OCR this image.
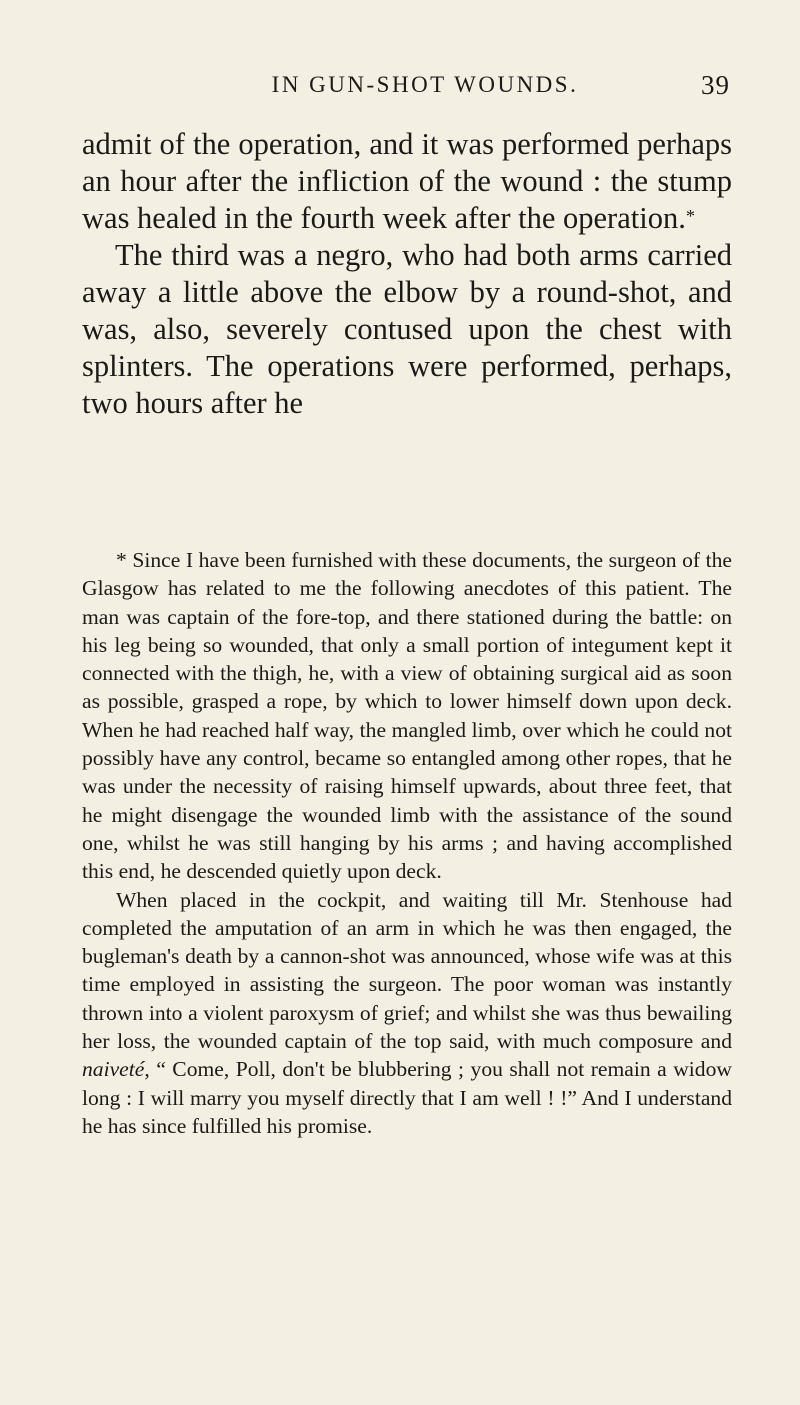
IN GUN-SHOT WOUNDS.	39

admit of the operation, and it was performed perhaps an hour after the infliction of the wound : the stump was healed in the fourth week after the operation.*

The third was a negro, who had both arms carried away a little above the elbow by a round-shot, and was, also, severely contused upon the chest with splinters. The operations were performed, perhaps, two hours after he

* Since I have been furnished with these documents, the surgeon of the Glasgow has related to me the following anecdotes of this patient. The man was captain of the fore-top, and there stationed during the battle: on his leg being so wounded, that only a small portion of integument kept it connected with the thigh, he, with a view of obtaining surgical aid as soon as possible, grasped a rope, by which to lower himself down upon deck. When he had reached half way, the mangled limb, over which he could not possibly have any control, became so entangled among other ropes, that he was under the necessity of raising himself upwards, about three feet, that he might disengage the wounded limb with the assistance of the sound one, whilst he was still hanging by his arms ; and having accomplished this end, he descended quietly upon deck.

When placed in the cockpit, and waiting till Mr. Stenhouse had completed the amputation of an arm in which he was then engaged, the bugleman's death by a cannon-shot was announced, whose wife was at this time employed in assisting the surgeon. The poor woman was instantly thrown into a violent paroxysm of grief; and whilst she was thus bewailing her loss, the wounded captain of the top said, with much composure and naiveté, “ Come, Poll, don't be blubbering ; you shall not remain a widow long : I will marry you myself directly that I am well ! !” And I understand he has since fulfilled his promise.
